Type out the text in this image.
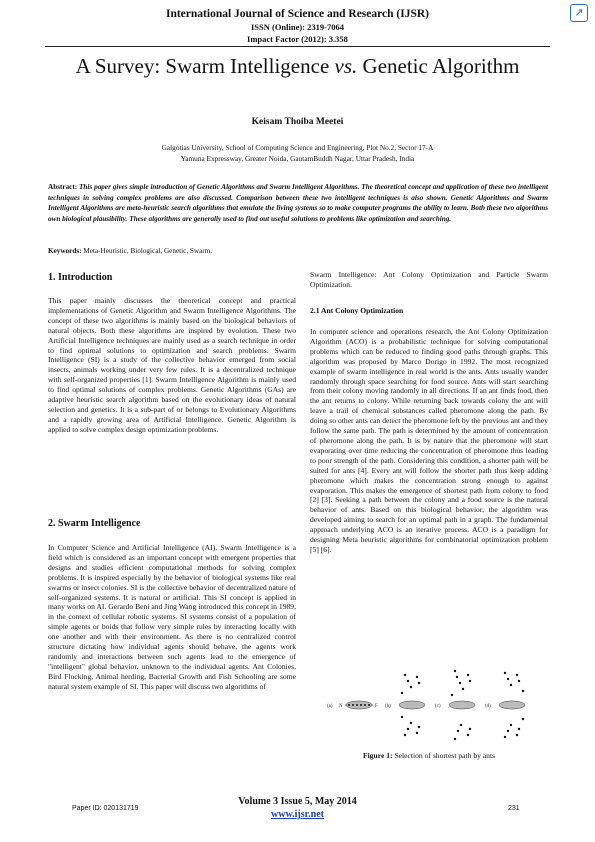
International Journal of Science and Research (IJSR)
ISSN (Online): 2319-7064
Impact Factor (2012): 3.358
↗
A Survey: Swarm Intelligence vs. Genetic Algorithm
Keisam Thoiba Meetei
Galgotias University, School of Computing Science and Engineering, Plot No.2, Sector 17-A
Yamuna Expressway, Greater Noida, GautamBuddh Nagar, Uttar Pradesh, India
Abstract: This paper gives simple introduction of Genetic Algorithms and Swarm Intelligent Algorithms. The theoretical concept and application of these two intelligent techniques in solving complex problems are also discussed. Comparison between these two intelligent techniques is also shown. Genetic Algorithms and Swarm Intelligent Algorithms are meta-heuristic search algorithms that emulate the living systems so to make computer programs the ability to learn. Both these two algorithms own biological plausibility. These algorithms are generally used to find out useful solutions to problems like optimization and searching.
Keywords: Meta-Heuristic, Biological, Genetic, Swarm.
1. Introduction
This paper mainly discusses the theoretical concept and practical implementations of Genetic Algorithm and Swarm Intelligence Algorithms. The concept of these two algorithms is mainly based on the biological behaviors of natural objects. Both these algorithms are inspired by evolution. These two Artificial Intelligence techniques are mainly used as a search technique in order to find optimal solutions to optimization and search problems. Swarm Intelligence (SI) is a study of the collective behavior emerged from social insects, animals working under very few rules. It is a decentralized technique with self-organized properties [1]. Swarm Intelligence Algorithm is mainly used to find optimal solutions of complex problems. Genetic Algorithms (GAs) are adaptive heuristic search algorithm based on the evolutionary ideas of natural selection and genetics. It is a sub-part of or belongs to Evolutionary Algorithms and a rapidly growing area of Artificial Intelligence. Genetic Algorithm is applied to solve complex design optimization problems.
2. Swarm Intelligence
In Computer Science and Artificial Intelligence (AI), Swarm Intelligence is a field which is considered as an important concept with emergent properties that designs and studies efficient computational methods for solving complex problems. It is inspired especially by the behavior of biological systems like real swarms or insect colonies. SI is the collective behavior of decentralized nature of self-organized systems. It is natural or artificial. This SI concept is applied in many works on AI. Gerardo Beni and Jing Wang introduced this concept in 1989, in the context of cellular robotic systems. SI systems consist of a population of simple agents or boids that follow very simple rules by interacting locally with one another and with their environment. As there is no centralized control structure dictating how individual agents should behave, the agents work randomly and interactions between such agents lead to the emergence of "intelligent" global behavior, unknown to the individual agents. Ant Colonies, Bird Flocking, Animal herding, Bacterial Growth and Fish Schooling are some natural system example of SI. This paper will discuss two algorithms of
Swarm Intelligence: Ant Colony Optimization and Particle Swarm Optimization.
2.1 Ant Colony Optimization
In computer science and operations research, the Ant Colony Optimization Algorithm (ACO) is a probabilistic technique for solving computational problems which can be reduced to finding good paths through graphs. This algorithm was proposed by Marco Dorigo in 1992. The most recognized example of swarm intelligence in real world is the ants. Ants usually wander randomly through space searching for food source. Ants will start searching from their colony moving randomly in all directions. If an ant finds food, then the ant returns to colony. While returning back towards colony the ant will leave a trail of chemical substances called pheromone along the path. By doing so other ants can detect the pheromone left by the previous ant and they follow the same path. The path is determined by the amount of concentration of pheromone along the path. It is by nature that the pheromone will start evaporating over time reducing the concentration of pheromone thus leading to poor strength of the path. Considering this condition, a shorter path will be suited for ants [4]. Every ant will follow the shorter path thus keep adding pheromone which makes the concentration strong enough to against evaporation. This makes the emergence of shortest path from colony to food [2] [3]. Seeking a path between the colony and a food source is the natural behavior of ants. Based on this biological behavior, the algorithm was developed aiming to search for an optimal path in a graph. The fundamental approach underlying ACO is an iterative process. ACO is a paradigm for designing Meta heuristic algorithms for combinatorial optimization problem [5] [6].
(a) N	F (b)	(c)	(d)
Figure 1: Selection of shortest path by ants
Volume 3 Issue 5, May 2014
www.ijsr.net
Paper ID: 020131719	231
